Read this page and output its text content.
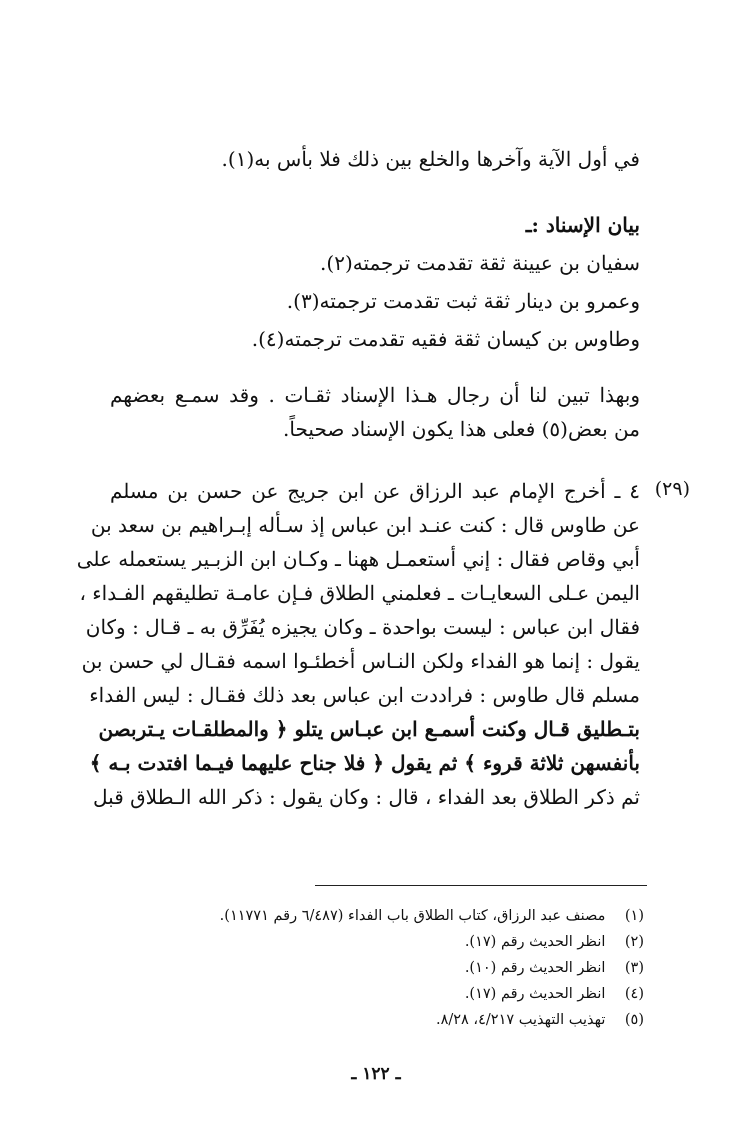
في أول الآية وآخرها والخلع بين ذلك فلا بأس به(١).
بيان الإسناد :ـ
سفيان بن عيينة ثقة تقدمت ترجمته(٢).
وعمرو بن دينار ثقة ثبت تقدمت ترجمته(٣).
وطاوس بن كيسان ثقة فقيه تقدمت ترجمته(٤).
وبهذا تبين لنا أن رجال هـذا الإسناد ثقـات . وقد سمـع بعضهم
من بعض(٥) فعلى هذا يكون الإسناد صحيحاً.
(٢٩)
٤ ـ أخرج الإمام عبد الرزاق عن ابن جريج عن حسن بن مسلم
عن طاوس قال : كنت عنـد ابن عباس إذ سـأله إبـراهيم بن سعد بن
أبي وقاص فقال : إني أستعمـل ههنا ـ وكـان ابن الزبـير يستعمله على
اليمن عـلى السعايـات ـ فعلمني الطلاق فـإن عامـة تطليقهم الفـداء ،
فقال ابن عباس : ليست بواحدة ـ وكان يجيزه يُفَرِّق به ـ قـال : وكان
يقول : إنما هو الفداء ولكن النـاس أخطئـوا اسمه فقـال لي حسن بن
مسلم قال طاوس : فراددت ابن عباس بعد ذلك فقـال : ليس الفداء
بتـطليق قـال وكنت أسمـع ابن عبـاس يتلو ﴿ والمطلقـات يـتربصن
بأنفسهن ثلاثة قروء ﴾ ثم يقول ﴿ فلا جناح عليهما فيـما افتدت بـه ﴾
ثم ذكر الطلاق بعد الفداء ، قال : وكان يقول : ذكر الله الـطلاق قبل
(١) مصنف عبد الرزاق، كتاب الطلاق باب الفداء (٦/٤٨٧ رقم ١١٧٧١).
(٢) انظر الحديث رقم (١٧).
(٣) انظر الحديث رقم (١٠).
(٤) انظر الحديث رقم (١٧).
(٥) تهذيب التهذيب ٤/٢١٧، ٨/٢٨.
ـ ١٢٢ ـ
